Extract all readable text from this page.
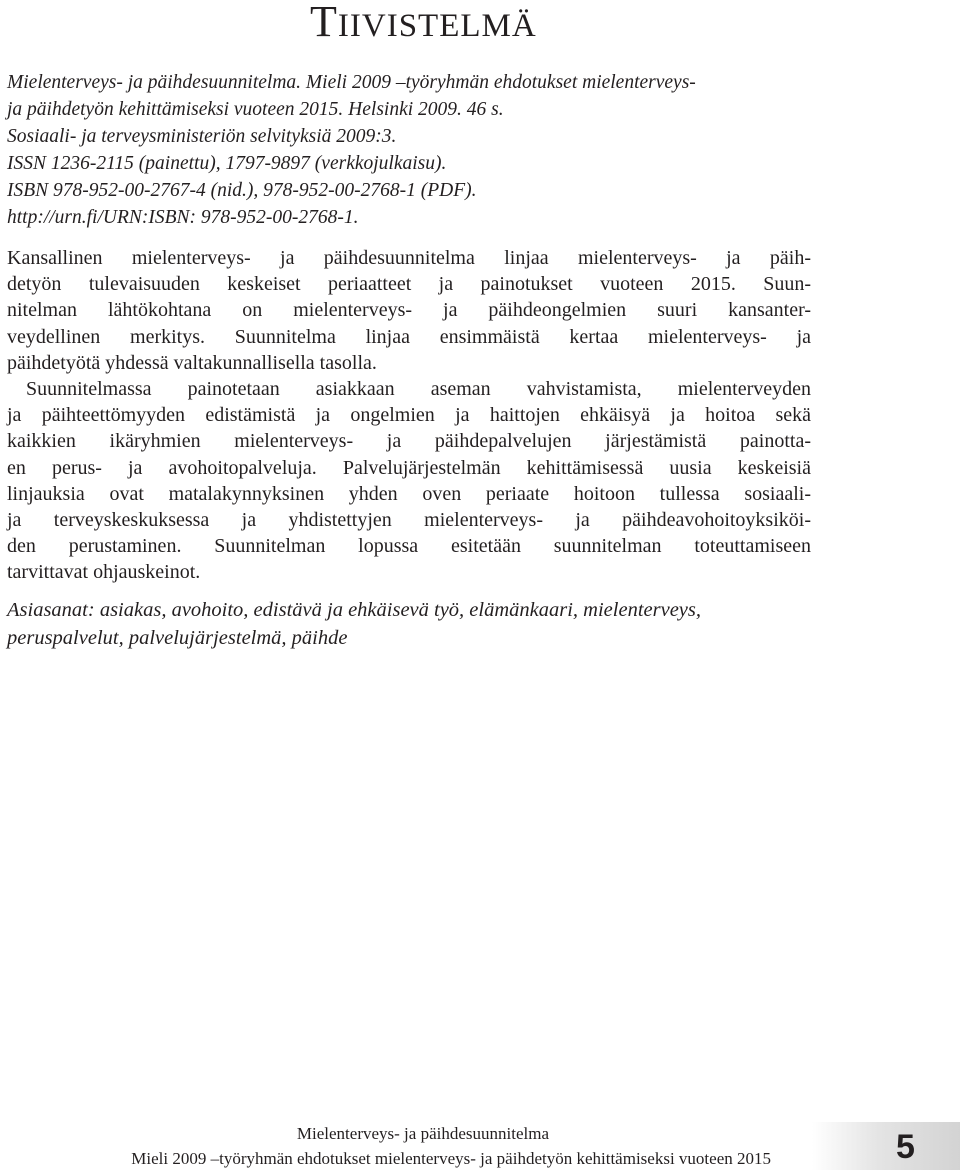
TIIVISTELMÄ
Mielenterveys- ja päihdesuunnitelma. Mieli 2009 –työryhmän ehdotukset mielenterveys-
ja päihdetyön kehittämiseksi vuoteen 2015. Helsinki 2009. 46 s.
Sosiaali- ja terveysministeriön selvityksiä 2009:3.
ISSN 1236-2115 (painettu), 1797-9897 (verkkojulkaisu).
ISBN 978-952-00-2767-4 (nid.), 978-952-00-2768-1 (PDF).
http://urn.fi/URN:ISBN: 978-952-00-2768-1.

Kansallinen mielenterveys- ja päihdesuunnitelma linjaa mielenterveys- ja päih-
detyön tulevaisuuden keskeiset periaatteet ja painotukset vuoteen 2015. Suun-
nitelman lähtökohtana on mielenterveys- ja päihdeongelmien suuri kansanter-
veydellinen merkitys. Suunnitelma linjaa ensimmäistä kertaa mielenterveys- ja
päihdetyötä yhdessä valtakunnallisella tasolla.

Suunnitelmassa painotetaan asiakkaan aseman vahvistamista, mielenterveyden
ja päihteettömyyden edistämistä ja ongelmien ja haittojen ehkäisyä ja hoitoa sekä
kaikkien ikäryhmien mielenterveys- ja päihdepalvelujen järjestämistä painotta-
en perus- ja avohoitopalveluja. Palvelujärjestelmän kehittämisessä uusia keskeisiä
linjauksia ovat matalakynnyksinen yhden oven periaate hoitoon tullessa sosiaali-
ja terveyskeskuksessa ja yhdistettyjen mielenterveys- ja päihdeavohoitoyksiköi-
den perustaminen. Suunnitelman lopussa esitetään suunnitelman toteuttamiseen
tarvittavat ohjauskeinot.

Asiasanat: asiakas, avohoito, edistävä ja ehkäisevä työ, elämänkaari, mielenterveys,
peruspalvelut, palvelujärjestelmä, päihde
Mielenterveys- ja päihdesuunnitelma
Mieli 2009 –työryhmän ehdotukset mielenterveys- ja päihdetyön kehittämiseksi vuoteen 2015	5
